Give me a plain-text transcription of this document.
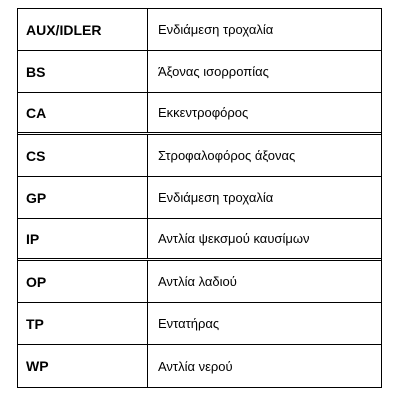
AUX/IDLER	Ενδιάμεση τροχαλία
BS	Άξονας ισορροπίας
CA	Εκκεντροφόρος
CS	Στροφαλοφόρος άξονας
GP	Ενδιάμεση τροχαλία
IP	Αντλία ψεκσμού καυσίμων
OP	Αντλία λαδιού
TP	Εντατήρας
WP	Αντλία νερού
